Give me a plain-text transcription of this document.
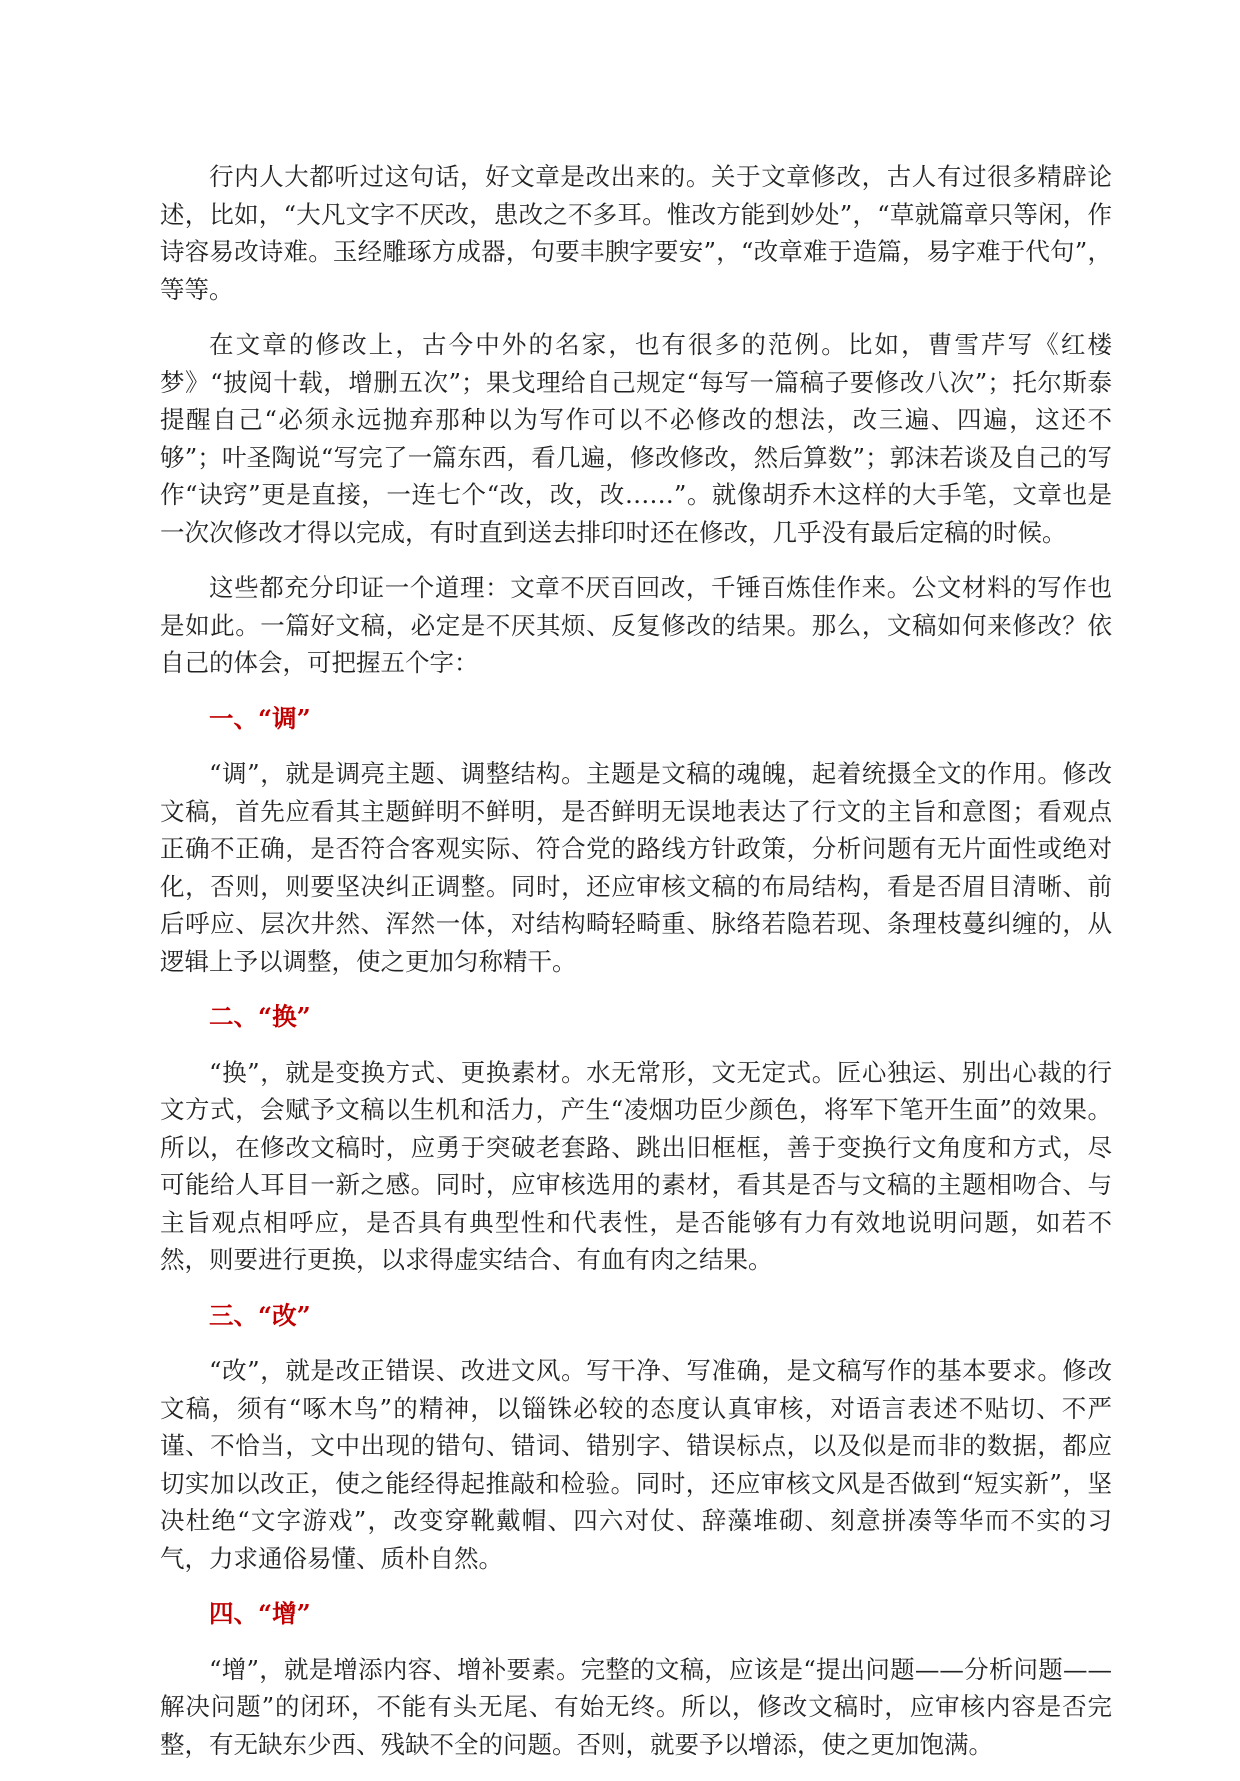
行内人大都听过这句话，好文章是改出来的。关于文章修改，古人有过很多精辟论述，比如，“大凡文字不厌改，患改之不多耳。惟改方能到妙处”，“草就篇章只等闲，作诗容易改诗难。玉经雕琢方成器，句要丰腴字要安”，“改章难于造篇，易字难于代句”，等等。

在文章的修改上，古今中外的名家，也有很多的范例。比如，曹雪芹写《红楼梦》“披阅十载，增删五次”；果戈理给自己规定“每写一篇稿子要修改八次”；托尔斯泰提醒自己“必须永远抛弃那种以为写作可以不必修改的想法，改三遍、四遍，这还不够”；叶圣陶说“写完了一篇东西，看几遍，修改修改，然后算数”；郭沫若谈及自己的写作“诀窍”更是直接，一连七个“改，改，改……”。就像胡乔木这样的大手笔，文章也是一次次修改才得以完成，有时直到送去排印时还在修改，几乎没有最后定稿的时候。

这些都充分印证一个道理：文章不厌百回改，千锤百炼佳作来。公文材料的写作也是如此。一篇好文稿，必定是不厌其烦、反复修改的结果。那么，文稿如何来修改？依自己的体会，可把握五个字：

一、“调”

“调”，就是调亮主题、调整结构。主题是文稿的魂魄，起着统摄全文的作用。修改文稿，首先应看其主题鲜明不鲜明，是否鲜明无误地表达了行文的主旨和意图；看观点正确不正确，是否符合客观实际、符合党的路线方针政策，分析问题有无片面性或绝对化，否则，则要坚决纠正调整。同时，还应审核文稿的布局结构，看是否眉目清晰、前后呼应、层次井然、浑然一体，对结构畸轻畸重、脉络若隐若现、条理枝蔓纠缠的，从逻辑上予以调整，使之更加匀称精干。

二、“换”

“换”，就是变换方式、更换素材。水无常形，文无定式。匠心独运、别出心裁的行文方式，会赋予文稿以生机和活力，产生“凌烟功臣少颜色，将军下笔开生面”的效果。所以，在修改文稿时，应勇于突破老套路、跳出旧框框，善于变换行文角度和方式，尽可能给人耳目一新之感。同时，应审核选用的素材，看其是否与文稿的主题相吻合、与主旨观点相呼应，是否具有典型性和代表性，是否能够有力有效地说明问题，如若不然，则要进行更换，以求得虚实结合、有血有肉之结果。

三、“改”

“改”，就是改正错误、改进文风。写干净、写准确，是文稿写作的基本要求。修改文稿，须有“啄木鸟”的精神，以锱铢必较的态度认真审核，对语言表述不贴切、不严谨、不恰当，文中出现的错句、错词、错别字、错误标点，以及似是而非的数据，都应切实加以改正，使之能经得起推敲和检验。同时，还应审核文风是否做到“短实新”，坚决杜绝“文字游戏”，改变穿靴戴帽、四六对仗、辞藻堆砌、刻意拼凑等华而不实的习气，力求通俗易懂、质朴自然。

四、“增”

“增”，就是增添内容、增补要素。完整的文稿，应该是“提出问题——分析问题——解决问题”的闭环，不能有头无尾、有始无终。所以，修改文稿时，应审核内容是否完整，有无缺东少西、残缺不全的问题。否则，就要予以增添，使之更加饱满。
